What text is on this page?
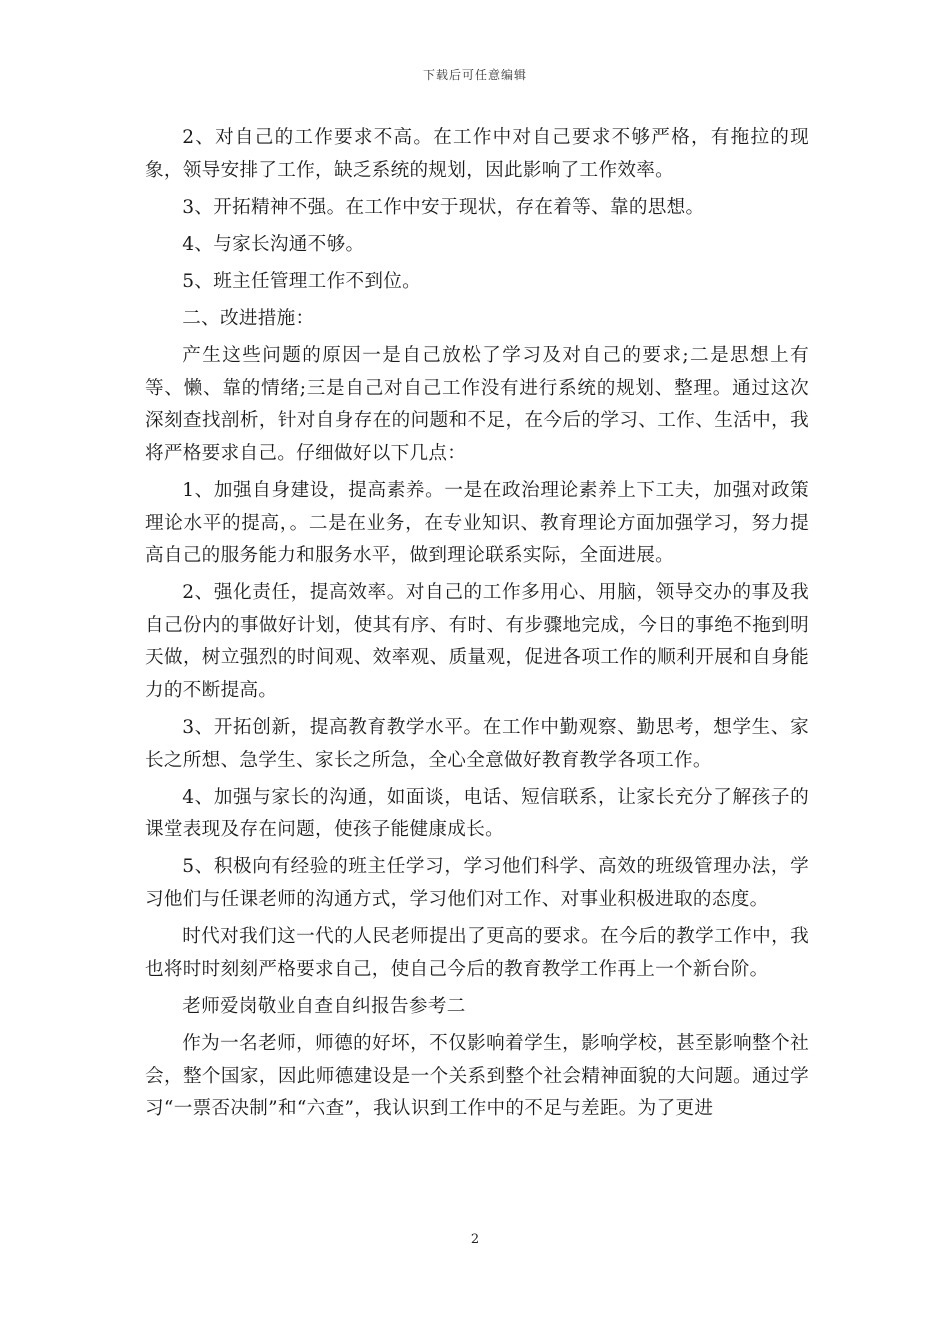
下载后可任意编辑

2、对自己的工作要求不高。在工作中对自己要求不够严格，有拖拉的现象，领导安排了工作，缺乏系统的规划，因此影响了工作效率。

3、开拓精神不强。在工作中安于现状，存在着等、靠的思想。

4、与家长沟通不够。

5、班主任管理工作不到位。

二、改进措施：

产生这些问题的原因一是自己放松了学习及对自己的要求;二是思想上有等、懒、靠的情绪;三是自己对自己工作没有进行系统的规划、整理。通过这次深刻查找剖析，针对自身存在的问题和不足，在今后的学习、工作、生活中，我将严格要求自己。仔细做好以下几点：

1、加强自身建设，提高素养。一是在政治理论素养上下工夫，加强对政策理论水平的提高，。二是在业务，在专业知识、教育理论方面加强学习，努力提高自己的服务能力和服务水平，做到理论联系实际，全面进展。

2、强化责任，提高效率。对自己的工作多用心、用脑，领导交办的事及我自己份内的事做好计划，使其有序、有时、有步骤地完成，今日的事绝不拖到明天做，树立强烈的时间观、效率观、质量观，促进各项工作的顺利开展和自身能力的不断提高。

3、开拓创新，提高教育教学水平。在工作中勤观察、勤思考，想学生、家长之所想、急学生、家长之所急，全心全意做好教育教学各项工作。

4、加强与家长的沟通，如面谈，电话、短信联系，让家长充分了解孩子的课堂表现及存在问题，使孩子能健康成长。

5、积极向有经验的班主任学习，学习他们科学、高效的班级管理办法，学习他们与任课老师的沟通方式，学习他们对工作、对事业积极进取的态度。

时代对我们这一代的人民老师提出了更高的要求。在今后的教学工作中，我也将时时刻刻严格要求自己，使自己今后的教育教学工作再上一个新台阶。

老师爱岗敬业自查自纠报告参考二

作为一名老师，师德的好坏，不仅影响着学生，影响学校，甚至影响整个社会，整个国家，因此师德建设是一个关系到整个社会精神面貌的大问题。通过学习“一票否决制”和“六查”，我认识到工作中的不足与差距。为了更进

2
